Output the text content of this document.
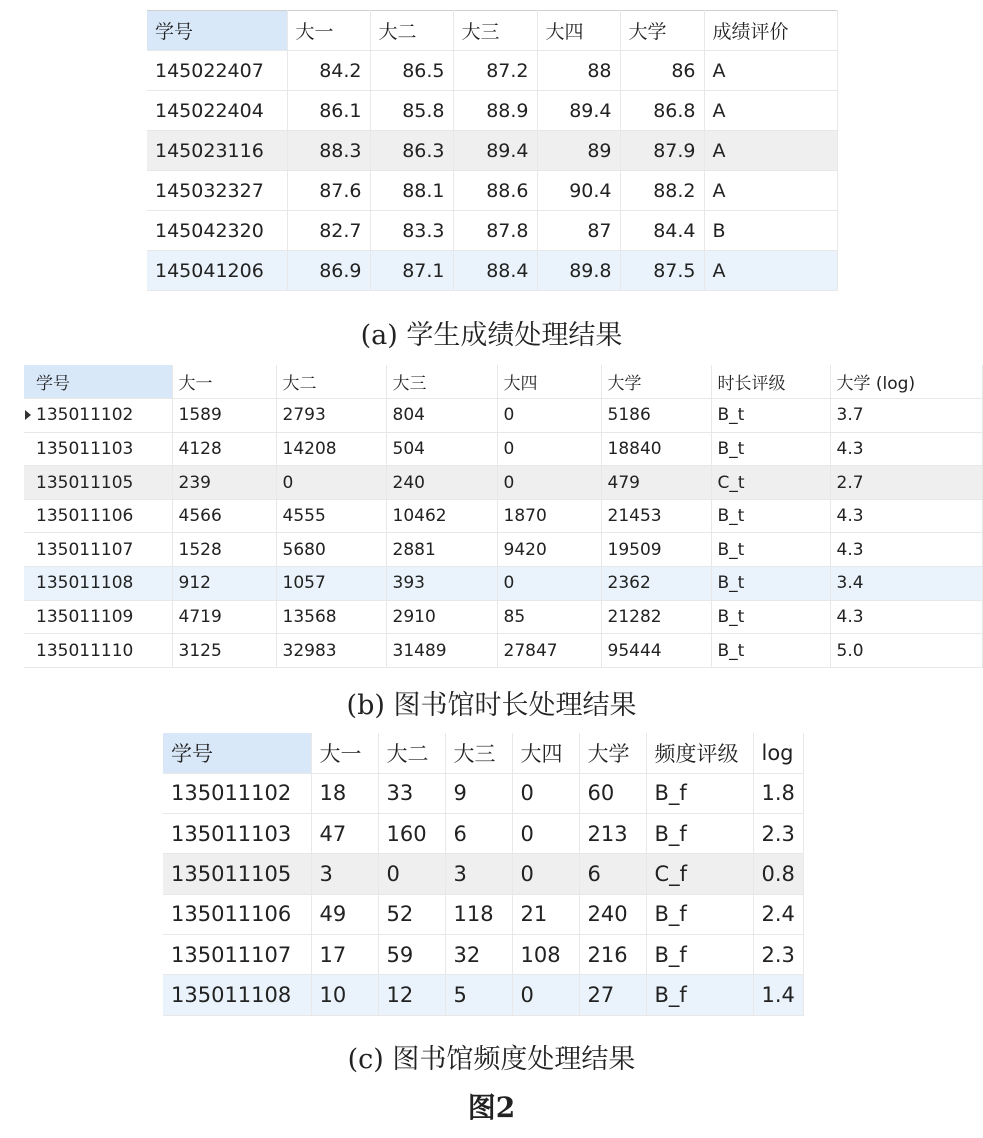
学号	大一	大二	大三	大四	大学	成绩评价
145022407	84.2	86.5	87.2	88	86	A
145022404	86.1	85.8	88.9	89.4	86.8	A
145023116	88.3	86.3	89.4	89	87.9	A
145032327	87.6	88.1	88.6	90.4	88.2	A
145042320	82.7	83.3	87.8	87	84.4	B
145041206	86.9	87.1	88.4	89.8	87.5	A
(a) 学生成绩处理结果
学号	大一	大二	大三	大四	大学	时长评级	大学 (log)

135011102	1589	2793	804	0	5186	B_t	3.7
135011103	4128	14208	504	0	18840	B_t	4.3
135011105	239	0	240	0	479	C_t	2.7
135011106	4566	4555	10462	1870	21453	B_t	4.3
135011107	1528	5680	2881	9420	19509	B_t	4.3
135011108	912	1057	393	0	2362	B_t	3.4
135011109	4719	13568	2910	85	21282	B_t	4.3
135011110	3125	32983	31489	27847	95444	B_t	5.0
(b) 图书馆时长处理结果
学号	大一	大二	大三	大四	大学	频度评级	log
135011102	18	33	9	0	60	B_f	1.8
135011103	47	160	6	0	213	B_f	2.3
135011105	3	0	3	0	6	C_f	0.8
135011106	49	52	118	21	240	B_f	2.4
135011107	17	59	32	108	216	B_f	2.3
135011108	10	12	5	0	27	B_f	1.4
(c) 图书馆频度处理结果
图2
